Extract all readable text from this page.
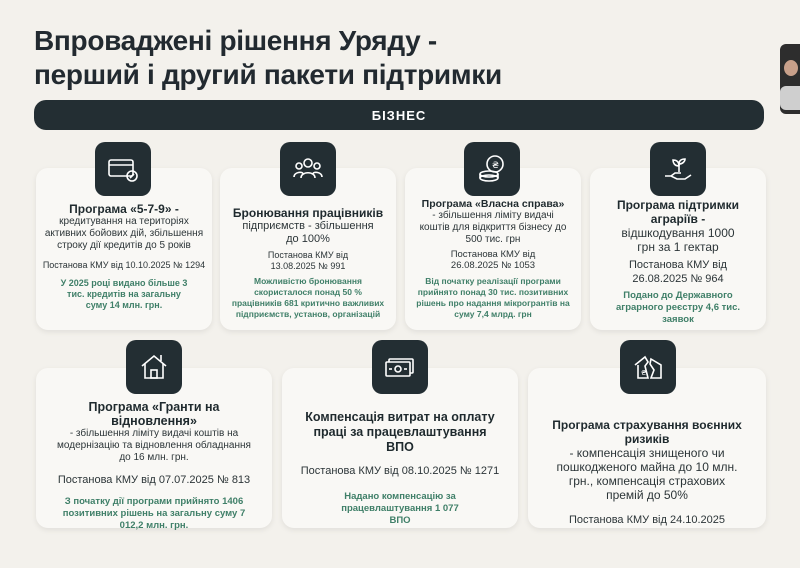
Впроваджені рішення Уряду -
перший і другий пакети підтримки
БІЗНЕС
Програма «5-7-9» -
кредитування на територіях активних бойових дій, збільшення строку дії кредитів до 5 років
Постанова КМУ від 10.10.2025 № 1294
У 2025 році видано більше 3 тис. кредитів на загальну суму 14 млн. грн.
Бронювання працівників
підприємств - збільшення до 100%
Постанова КМУ від 13.08.2025 № 991
Можливістю бронювання скористалося понад 50 % працівників 681 критично важливих підприємств, установ, організацій
Програма «Власна справа»
- збільшення ліміту видачі коштів для відкриття бізнесу до 500 тис. грн
Постанова КМУ від 26.08.2025 № 1053
Від початку реалізації програми прийнято понад 30 тис. позитивних рішень про надання мікрогрантів на суму 7,4 млрд. грн
₴
Програма підтримки аграріїв -
відшкодування 1000 грн за 1 гектар
Постанова КМУ від 26.08.2025 № 964
Подано до Державного аграрного реєстру 4,6 тис. заявок
Програма «Гранти на відновлення»
- збільшення ліміту видачі коштів на модернізацію та відновлення обладнання до 16 млн. грн.
Постанова КМУ від 07.07.2025 № 813
З початку дії програми прийнято 1406 позитивних рішень на загальну суму 7 012,2 млн. грн.
Компенсація витрат на оплату праці за працевлаштування ВПО
Постанова КМУ від 08.10.2025 № 1271
Надано компенсацію за працевлаштування 1 077 ВПО
Програма страхування воєнних ризиків
- компенсація знищеного чи пошкодженого майна до 10 млн. грн., компенсація страхових премій до 50%
Постанова КМУ від 24.10.2025
₴
